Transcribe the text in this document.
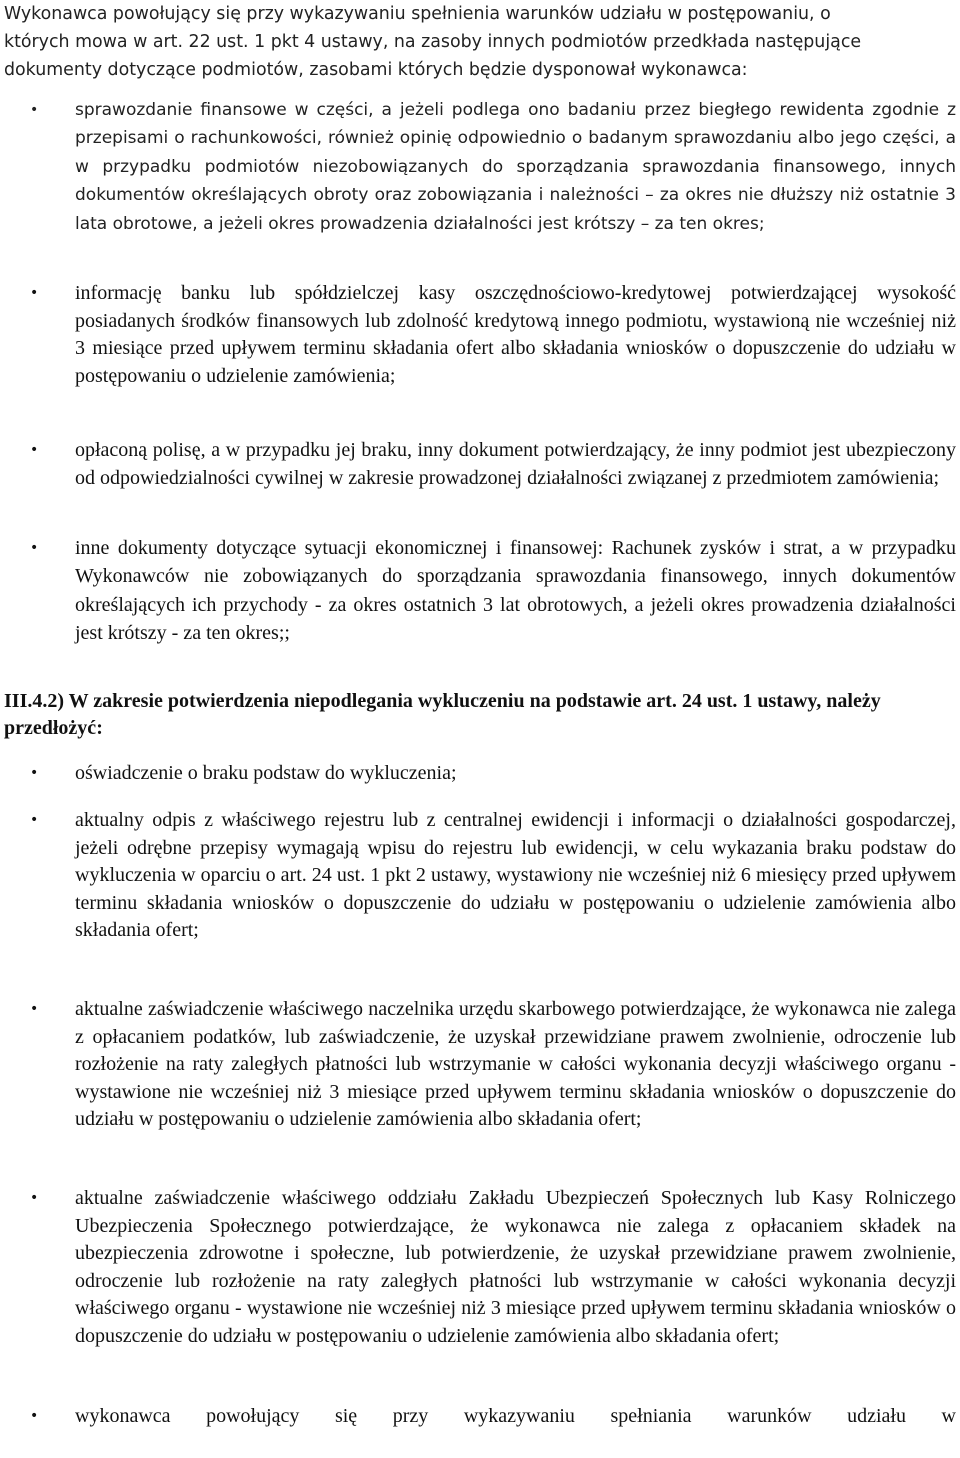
Wykonawca powołujący się przy wykazywaniu spełnienia warunków udziału w postępowaniu, o
których mowa w art. 22 ust. 1 pkt 4 ustawy, na zasoby innych podmiotów przedkłada następujące
dokumenty dotyczące podmiotów, zasobami których będzie dysponował wykonawca:

• sprawozdanie finansowe w części, a jeżeli podlega ono badaniu przez biegłego rewidenta zgodnie z przepisami o rachunkowości, również opinię odpowiednio o badanym sprawozdaniu albo jego części, a w przypadku podmiotów niezobowiązanych do sporządzania sprawozdania finansowego, innych dokumentów określających obroty oraz zobowiązania i należności – za okres nie dłuższy niż ostatnie 3 lata obrotowe, a jeżeli okres prowadzenia działalności jest krótszy – za ten okres;
• informację banku lub spółdzielczej kasy oszczędnościowo-kredytowej potwierdzającej wysokość posiadanych środków finansowych lub zdolność kredytową innego podmiotu, wystawioną nie wcześniej niż 3 miesiące przed upływem terminu składania ofert albo składania wniosków o dopuszczenie do udziału w postępowaniu o udzielenie zamówienia;
• opłaconą polisę, a w przypadku jej braku, inny dokument potwierdzający, że inny podmiot jest ubezpieczony od odpowiedzialności cywilnej w zakresie prowadzonej działalności związanej z przedmiotem zamówienia;
• inne dokumenty dotyczące sytuacji ekonomicznej i finansowej: Rachunek zysków i strat, a w przypadku Wykonawców nie zobowiązanych do sporządzania sprawozdania finansowego, innych dokumentów określających ich przychody - za okres ostatnich 3 lat obrotowych, a jeżeli okres prowadzenia działalności jest krótszy - za ten okres;;

III.4.2) W zakresie potwierdzenia niepodlegania wykluczeniu na podstawie art. 24 ust. 1 ustawy, należy przedłożyć:

• oświadczenie o braku podstaw do wykluczenia;
• aktualny odpis z właściwego rejestru lub z centralnej ewidencji i informacji o działalności gospodarczej, jeżeli odrębne przepisy wymagają wpisu do rejestru lub ewidencji, w celu wykazania braku podstaw do wykluczenia w oparciu o art. 24 ust. 1 pkt 2 ustawy, wystawiony nie wcześniej niż 6 miesięcy przed upływem terminu składania wniosków o dopuszczenie do udziału w postępowaniu o udzielenie zamówienia albo składania ofert;
• aktualne zaświadczenie właściwego naczelnika urzędu skarbowego potwierdzające, że wykonawca nie zalega z opłacaniem podatków, lub zaświadczenie, że uzyskał przewidziane prawem zwolnienie, odroczenie lub rozłożenie na raty zaległych płatności lub wstrzymanie w całości wykonania decyzji właściwego organu - wystawione nie wcześniej niż 3 miesiące przed upływem terminu składania wniosków o dopuszczenie do udziału w postępowaniu o udzielenie zamówienia albo składania ofert;
• aktualne zaświadczenie właściwego oddziału Zakładu Ubezpieczeń Społecznych lub Kasy Rolniczego Ubezpieczenia Społecznego potwierdzające, że wykonawca nie zalega z opłacaniem składek na ubezpieczenia zdrowotne i społeczne, lub potwierdzenie, że uzyskał przewidziane prawem zwolnienie, odroczenie lub rozłożenie na raty zaległych płatności lub wstrzymanie w całości wykonania decyzji właściwego organu - wystawione nie wcześniej niż 3 miesiące przed upływem terminu składania wniosków o dopuszczenie do udziału w postępowaniu o udzielenie zamówienia albo składania ofert;
• wykonawca powołujący się przy wykazywaniu spełniania warunków udziału w
